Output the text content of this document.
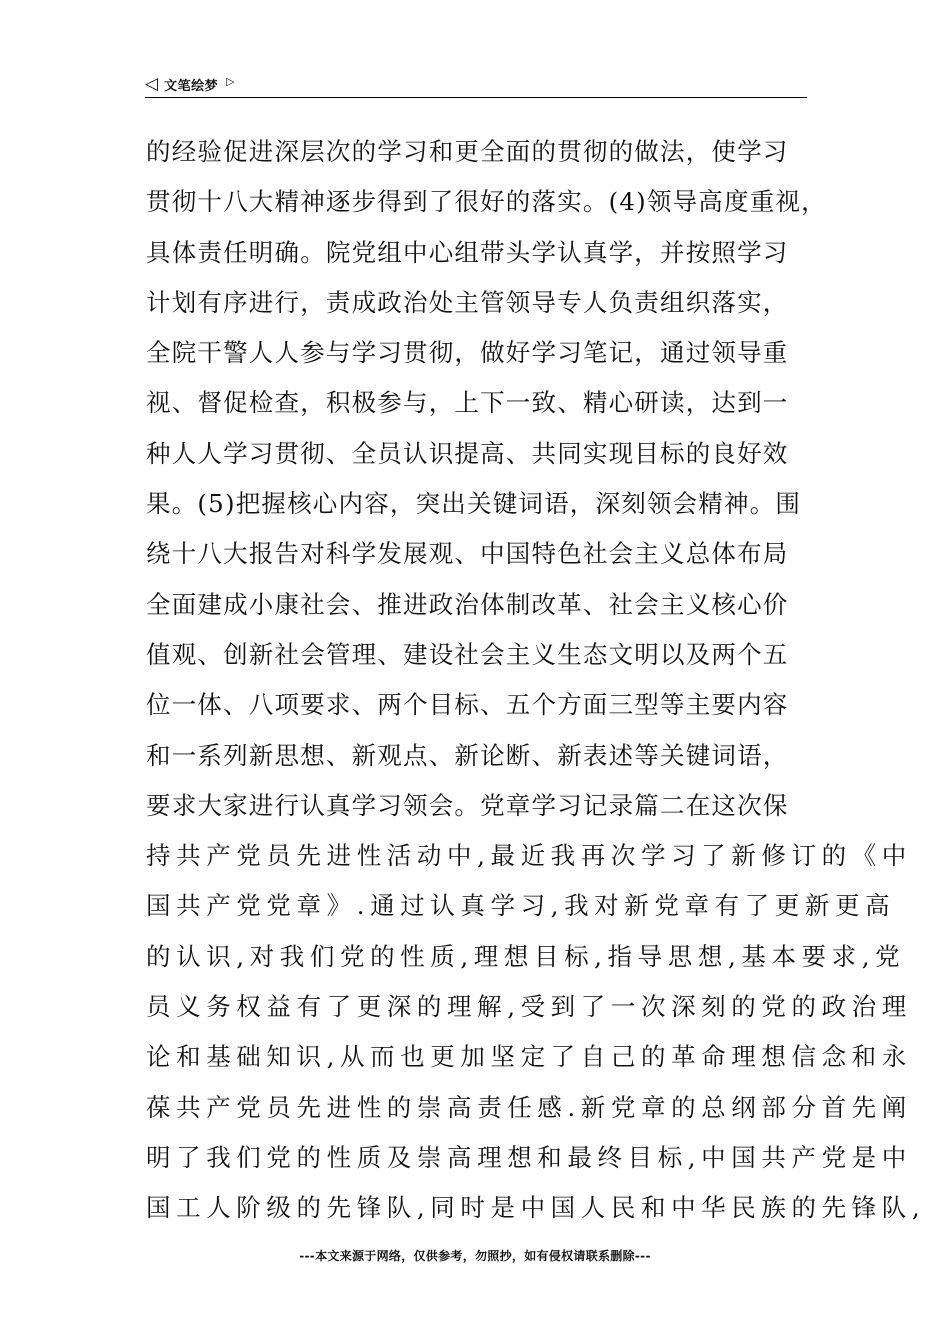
◁ 文笔绘梦 ▷
的经验促进深层次的学习和更全面的贯彻的做法，使学习
贯彻十八大精神逐步得到了很好的落实。(4)领导高度重视，
具体责任明确。院党组中心组带头学认真学，并按照学习
计划有序进行，责成政治处主管领导专人负责组织落实，
全院干警人人参与学习贯彻，做好学习笔记，通过领导重
视、督促检查，积极参与，上下一致、精心研读，达到一
种人人学习贯彻、全员认识提高、共同实现目标的良好效
果。(5)把握核心内容，突出关键词语，深刻领会精神。围
绕十八大报告对科学发展观、中国特色社会主义总体布局
全面建成小康社会、推进政治体制改革、社会主义核心价
值观、创新社会管理、建设社会主义生态文明以及两个五
位一体、八项要求、两个目标、五个方面三型等主要内容
和一系列新思想、新观点、新论断、新表述等关键词语，
要求大家进行认真学习领会。党章学习记录篇二在这次保
持共产党员先进性活动中,最近我再次学习了新修订的《中
国共产党党章》.通过认真学习,我对新党章有了更新更高
的认识,对我们党的性质,理想目标,指导思想,基本要求,党
员义务权益有了更深的理解,受到了一次深刻的党的政治理
论和基础知识,从而也更加坚定了自己的革命理想信念和永
葆共产党员先进性的崇高责任感.新党章的总纲部分首先阐
明了我们党的性质及崇高理想和最终目标,中国共产党是中
国工人阶级的先锋队,同时是中国人民和中华民族的先锋队,
---本文来源于网络，仅供参考，勿照抄，如有侵权请联系删除---
